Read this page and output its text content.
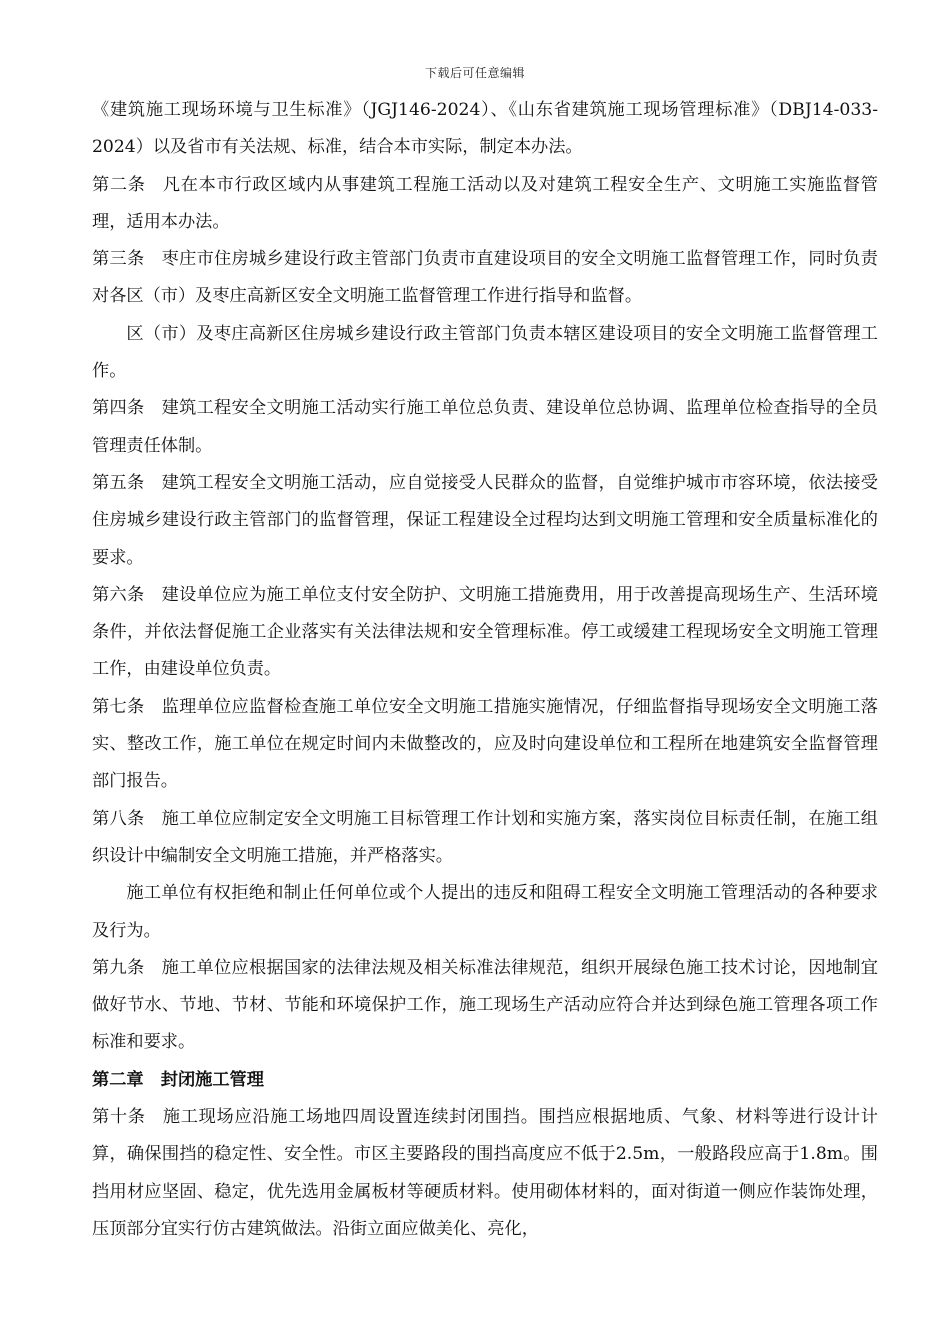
下载后可任意编辑

《建筑施工现场环境与卫生标准》（JGJ146-2024）、《山东省建筑施工现场管理标准》（DBJ14-033-2024）以及省市有关法规、标准，结合本市实际，制定本办法。

第二条 凡在本市行政区域内从事建筑工程施工活动以及对建筑工程安全生产、文明施工实施监督管理，适用本办法。

第三条 枣庄市住房城乡建设行政主管部门负责市直建设项目的安全文明施工监督管理工作，同时负责对各区（市）及枣庄高新区安全文明施工监督管理工作进行指导和监督。

区（市）及枣庄高新区住房城乡建设行政主管部门负责本辖区建设项目的安全文明施工监督管理工作。

第四条 建筑工程安全文明施工活动实行施工单位总负责、建设单位总协调、监理单位检查指导的全员管理责任体制。

第五条 建筑工程安全文明施工活动，应自觉接受人民群众的监督，自觉维护城市市容环境，依法接受住房城乡建设行政主管部门的监督管理，保证工程建设全过程均达到文明施工管理和安全质量标准化的要求。

第六条 建设单位应为施工单位支付安全防护、文明施工措施费用，用于改善提高现场生产、生活环境条件，并依法督促施工企业落实有关法律法规和安全管理标准。停工或缓建工程现场安全文明施工管理工作，由建设单位负责。

第七条 监理单位应监督检查施工单位安全文明施工措施实施情况，仔细监督指导现场安全文明施工落实、整改工作，施工单位在规定时间内未做整改的，应及时向建设单位和工程所在地建筑安全监督管理部门报告。

第八条 施工单位应制定安全文明施工目标管理工作计划和实施方案，落实岗位目标责任制，在施工组织设计中编制安全文明施工措施，并严格落实。

施工单位有权拒绝和制止任何单位或个人提出的违反和阻碍工程安全文明施工管理活动的各种要求及行为。

第九条 施工单位应根据国家的法律法规及相关标准法律规范，组织开展绿色施工技术讨论，因地制宜做好节水、节地、节材、节能和环境保护工作，施工现场生产活动应符合并达到绿色施工管理各项工作标准和要求。

第二章 封闭施工管理

第十条 施工现场应沿施工场地四周设置连续封闭围挡。围挡应根据地质、气象、材料等进行设计计算，确保围挡的稳定性、安全性。市区主要路段的围挡高度应不低于2.5m，一般路段应高于1.8m。围挡用材应坚固、稳定，优先选用金属板材等硬质材料。使用砌体材料的，面对街道一侧应作装饰处理，压顶部分宜实行仿古建筑做法。沿街立面应做美化、亮化，
